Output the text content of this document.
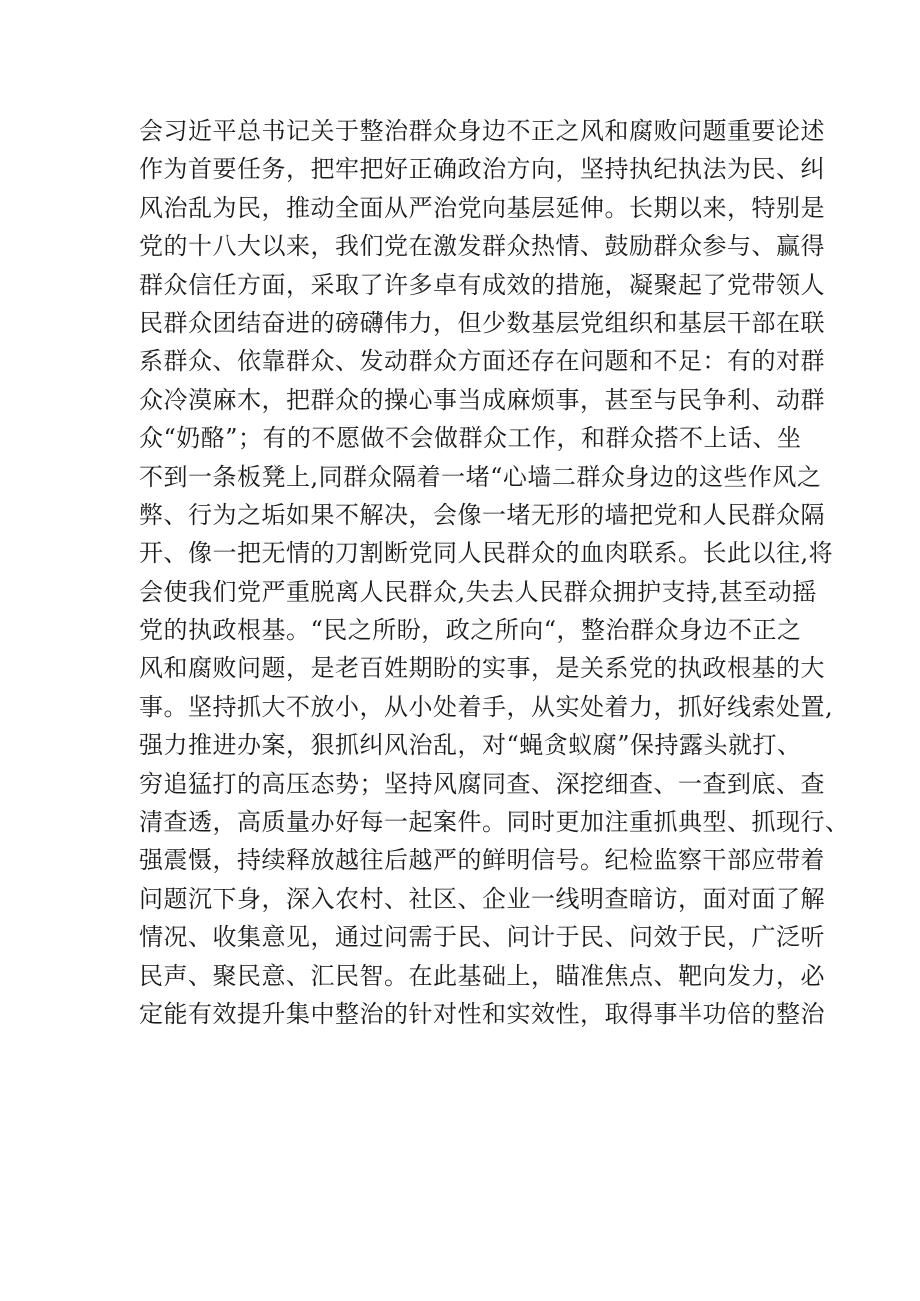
会习近平总书记关于整治群众身边不正之风和腐败问题重要论述
作为首要任务，把牢把好正确政治方向，坚持执纪执法为民、纠
风治乱为民，推动全面从严治党向基层延伸。长期以来，特别是
党的十八大以来，我们党在激发群众热情、鼓励群众参与、赢得
群众信任方面，采取了许多卓有成效的措施，凝聚起了党带领人
民群众团结奋进的磅礴伟力，但少数基层党组织和基层干部在联
系群众、依靠群众、发动群众方面还存在问题和不足：有的对群
众冷漠麻木，把群众的操心事当成麻烦事，甚至与民争利、动群
众“奶酪”；有的不愿做不会做群众工作，和群众搭不上话、坐
不到一条板凳上,同群众隔着一堵“心墙二群众身边的这些作风之
弊、行为之垢如果不解决，会像一堵无形的墙把党和人民群众隔
开、像一把无情的刀割断党同人民群众的血肉联系。长此以往,将
会使我们党严重脱离人民群众,失去人民群众拥护支持,甚至动摇
党的执政根基。“民之所盼，政之所向“，整治群众身边不正之
风和腐败问题，是老百姓期盼的实事，是关系党的执政根基的大
事。坚持抓大不放小，从小处着手，从实处着力，抓好线索处置,
强力推进办案，狠抓纠风治乱，对“蝇贪蚁腐”保持露头就打、
穷追猛打的高压态势；坚持风腐同查、深挖细查、一查到底、查
清查透，高质量办好每一起案件。同时更加注重抓典型、抓现行、
强震慑，持续释放越往后越严的鲜明信号。纪检监察干部应带着
问题沉下身，深入农村、社区、企业一线明查暗访，面对面了解
情况、收集意见，通过问需于民、问计于民、问效于民，广泛听
民声、聚民意、汇民智。在此基础上，瞄准焦点、靶向发力，必
定能有效提升集中整治的针对性和实效性，取得事半功倍的整治
